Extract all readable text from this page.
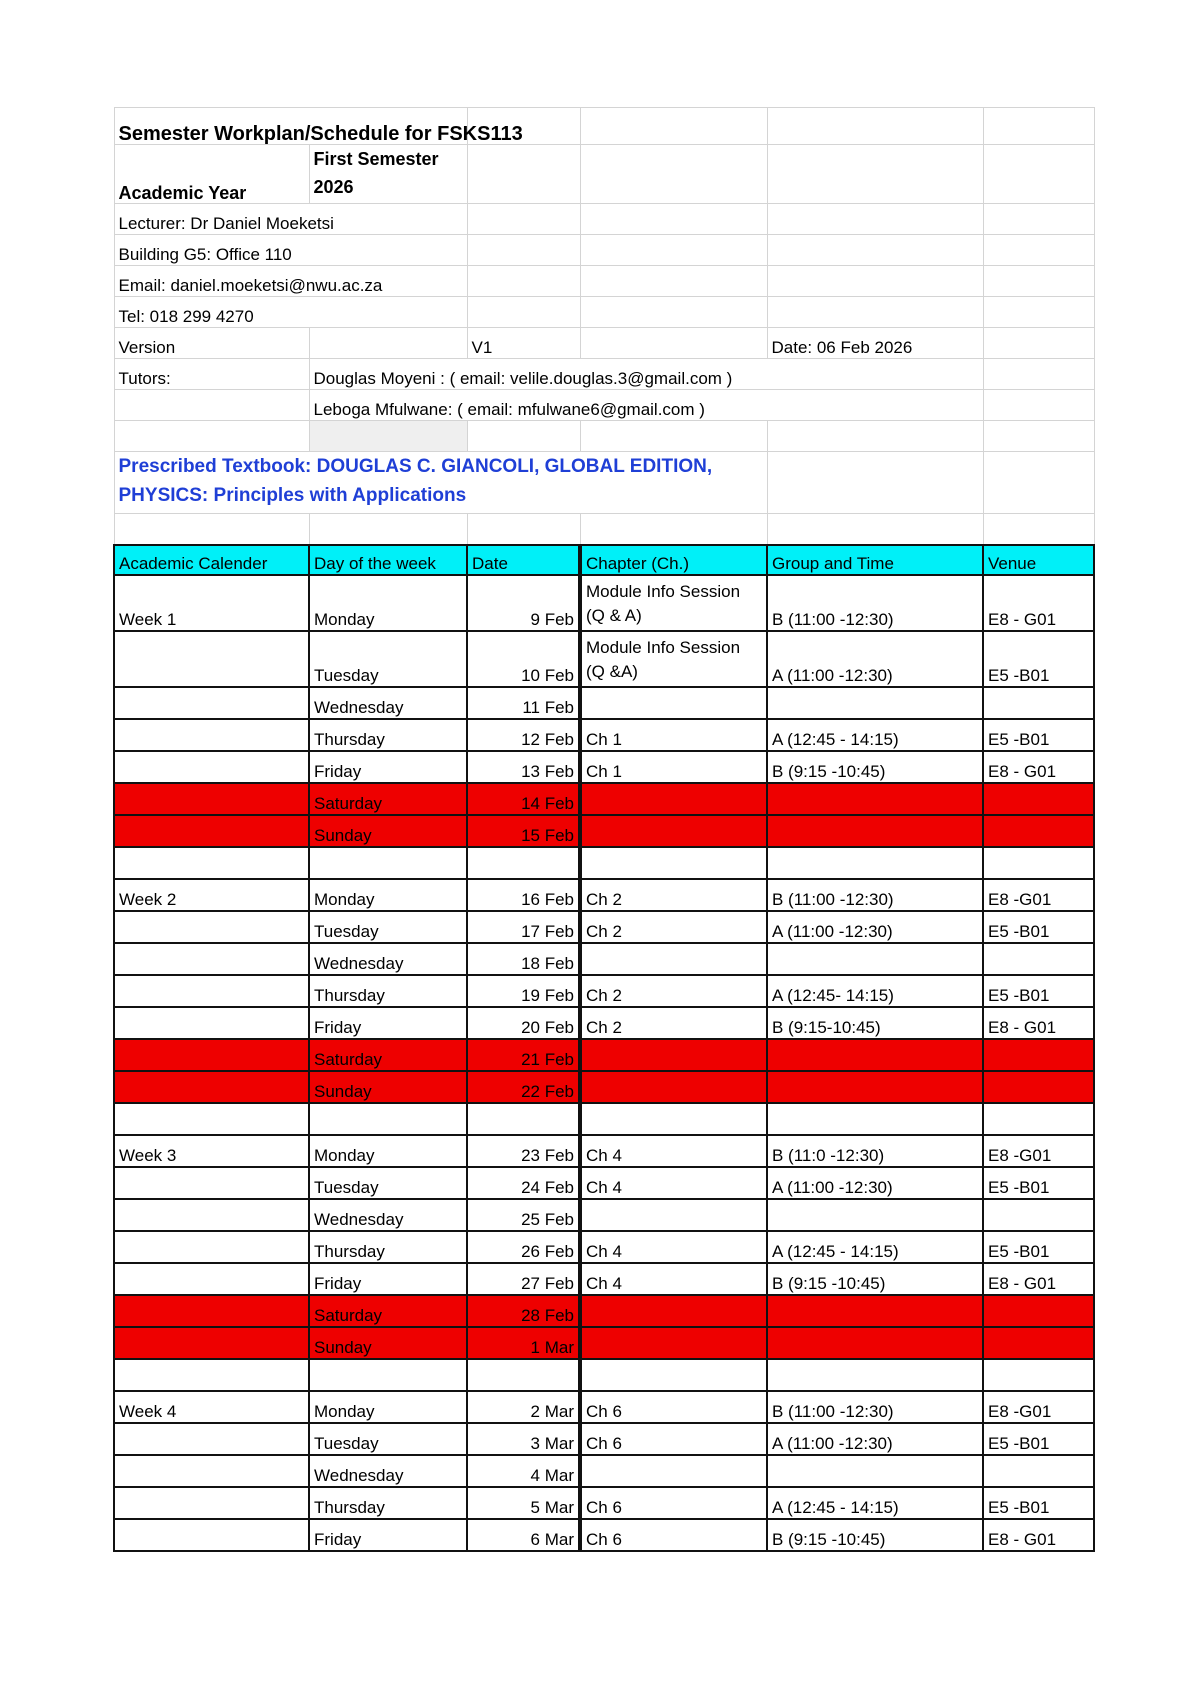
Semester Workplan/Schedule for FSKS113					
Academic Year	First Semester 2026				
Lecturer: Dr Daniel Moeketsi					
Building G5: Office 110					
Email: daniel.moeketsi@nwu.ac.za					
Tel: 018 299 4270					
Version		V1		Date: 06 Feb 2026	
Tutors:	Douglas Moyeni : ( email: velile.douglas.3@gmail.com )				
	Leboga Mfulwane: ( email: mfulwane6@gmail.com )				

Prescribed Textbook: DOUGLAS C. GIANCOLI, GLOBAL EDITION, PHYSICS: Principles with Applications					

Academic Calender	Day of the week	Date	Chapter (Ch.)	Group and Time	Venue
Week 1	Monday	9 Feb	Module Info Session (Q & A)	B (11:00 -12:30)	E8 - G01
	Tuesday	10 Feb	Module Info Session (Q &A)	A (11:00 -12:30)	E5 -B01
	Wednesday	11 Feb			
	Thursday	12 Feb	Ch 1	A (12:45 - 14:15)	E5 -B01
	Friday	13 Feb	Ch 1	B (9:15 -10:45)	E8 - G01
	Saturday	14 Feb			
	Sunday	15 Feb			

Week 2	Monday	16 Feb	Ch 2	B (11:00 -12:30)	E8 -G01
	Tuesday	17 Feb	Ch 2	A (11:00 -12:30)	E5 -B01
	Wednesday	18 Feb			
	Thursday	19 Feb	Ch 2	A (12:45- 14:15)	E5 -B01
	Friday	20 Feb	Ch 2	B (9:15-10:45)	E8 - G01
	Saturday	21 Feb			
	Sunday	22 Feb			

Week 3	Monday	23 Feb	Ch 4	B (11:0 -12:30)	E8 -G01
	Tuesday	24 Feb	Ch 4	A (11:00 -12:30)	E5 -B01
	Wednesday	25 Feb			
	Thursday	26 Feb	Ch 4	A (12:45 - 14:15)	E5 -B01
	Friday	27 Feb	Ch 4	B (9:15 -10:45)	E8 - G01
	Saturday	28 Feb			
	Sunday	1 Mar			

Week 4	Monday	2 Mar	Ch 6	B (11:00 -12:30)	E8 -G01
	Tuesday	3 Mar	Ch 6	A (11:00 -12:30)	E5 -B01
	Wednesday	4 Mar			
	Thursday	5 Mar	Ch 6	A (12:45 - 14:15)	E5 -B01
	Friday	6 Mar	Ch 6	B (9:15 -10:45)	E8 - G01
